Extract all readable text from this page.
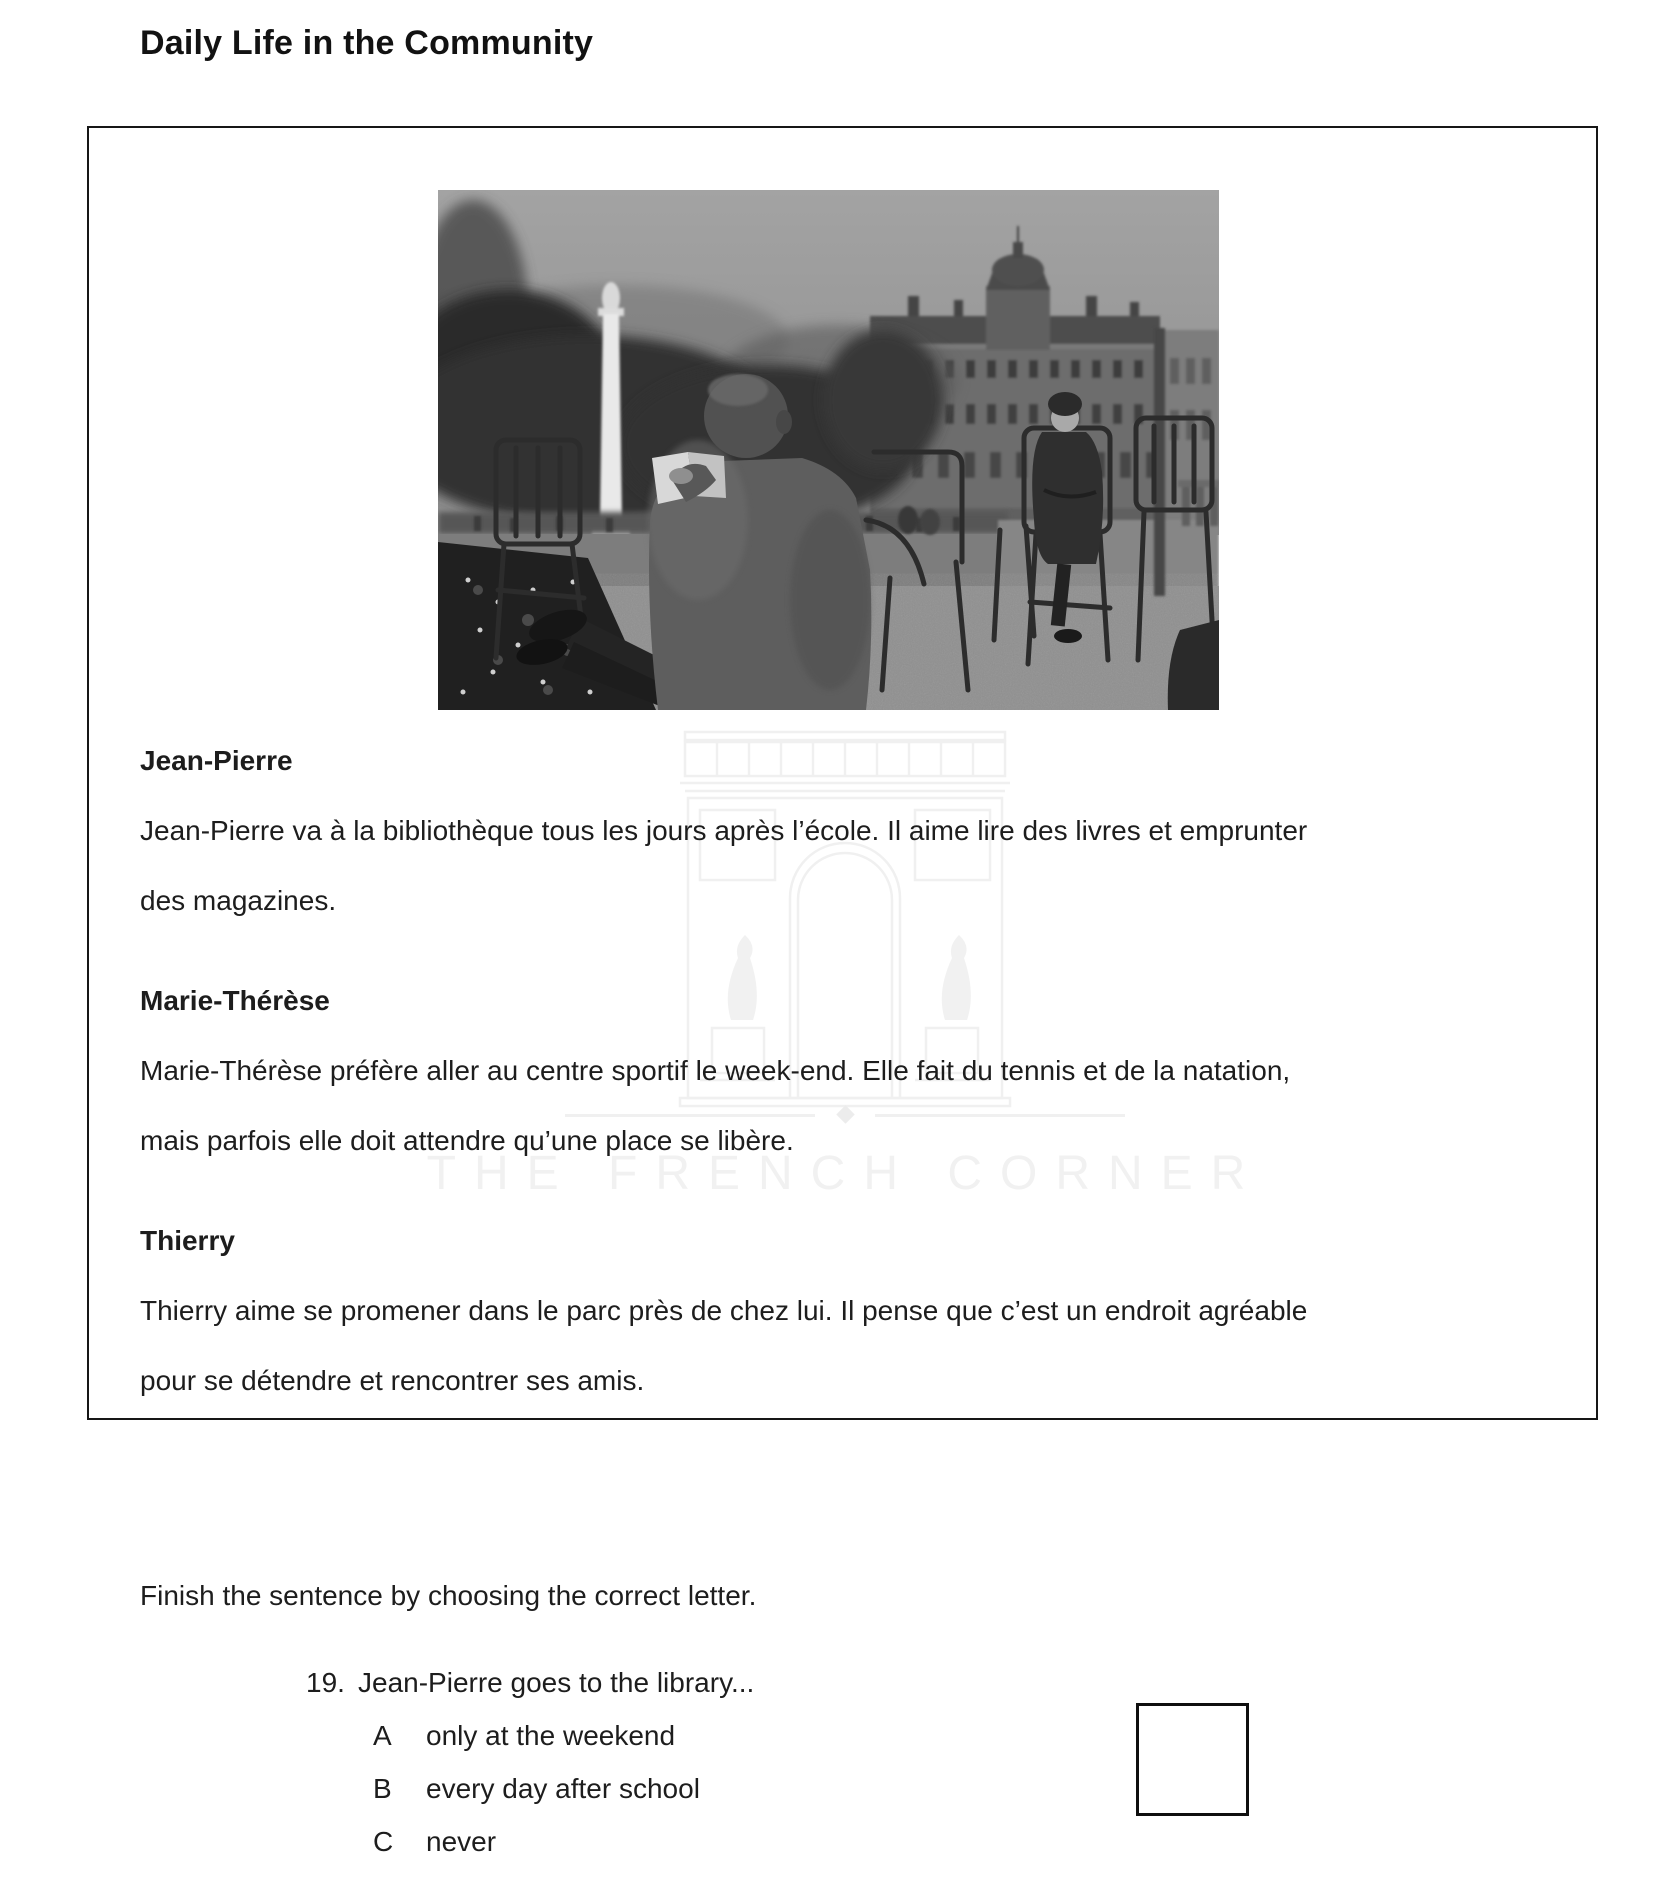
Daily Life in the Community
THE FRENCH CORNER
Jean-Pierre
Jean-Pierre va à la bibliothèque tous les jours après l’école. Il aime lire des livres et emprunter
des magazines.
Marie-Thérèse
Marie-Thérèse préfère aller au centre sportif le week-end. Elle fait du tennis et de la natation,
mais parfois elle doit attendre qu’une place se libère.
Thierry
Thierry aime se promener dans le parc près de chez lui. Il pense que c’est un endroit agréable
pour se détendre et rencontrer ses amis.
Finish the sentence by choosing the correct letter.
19. Jean-Pierre goes to the library...
A only at the weekend
B every day after school
C never
